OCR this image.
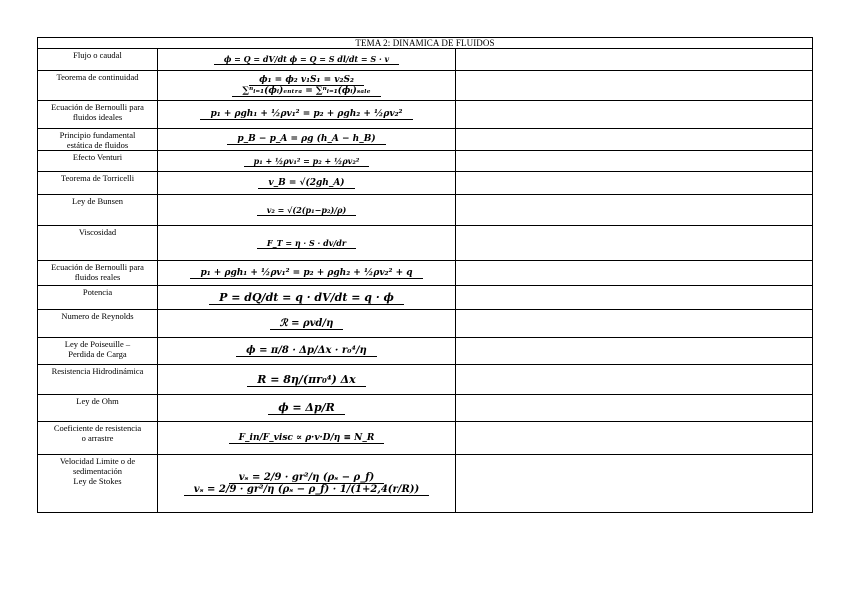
TEMA 2: DINAMICA DE FLUIDOS		

Flujo o caudal	ϕ = Q = dV/dt ϕ = Q = S dl/dt = S · v	

Teorema de continuidad	ϕ₁ = ϕ₂ v₁S₁ = v₂S₂
∑ⁿᵢ₌₁(ϕᵢ)ₑₙₜᵣₐ = ∑ⁿᵢ₌₁(ϕᵢ)ₛₐₗₑ	

Ecuación de Bernoulli para
fluidos ideales	p₁ + ρgh₁ + ½ρv₁² = p₂ + ρgh₂ + ½ρv₂²	

Principio fundamental
estática de fluidos	p_B − p_A = ρg (h_A − h_B)	

Efecto Venturi	p₁ + ½ρv₁² = p₂ + ½ρv₂²	

Teorema de Torricelli	v_B = √(2gh_A)	

Ley de Bunsen	v₂ = √(2(p₁−p₂)/ρ)	

Viscosidad	F_T = η · S · dv/dr	

Ecuación de Bernoulli para
fluidos reales	p₁ + ρgh₁ + ½ρv₁² = p₂ + ρgh₂ + ½ρv₂² + q	

Potencia	P = dQ/dt = q · dV/dt = q · ϕ	

Numero de Reynolds	ℛ = ρvd/η	

Ley de Poiseuille –
Perdida de Carga	ϕ = π/8 · Δp/Δx · r₀⁴/η	

Resistencia Hidrodinámica	R = 8η/(πr₀⁴) Δx	

Ley de Ohm	ϕ = Δp/R	

Coeficiente de resistencia
o arrastre	F_in/F_visc ∝ ρ·v·D/η ≡ N_R	

Velocidad Limite o de
sedimentación
Ley de Stokes	vₛ = 2/9 · gr²/η (ρₛ − ρ_f)
vₛ = 2/9 · gr²/η (ρₛ − ρ_f) · 1/(1+2,4(r/R))	
